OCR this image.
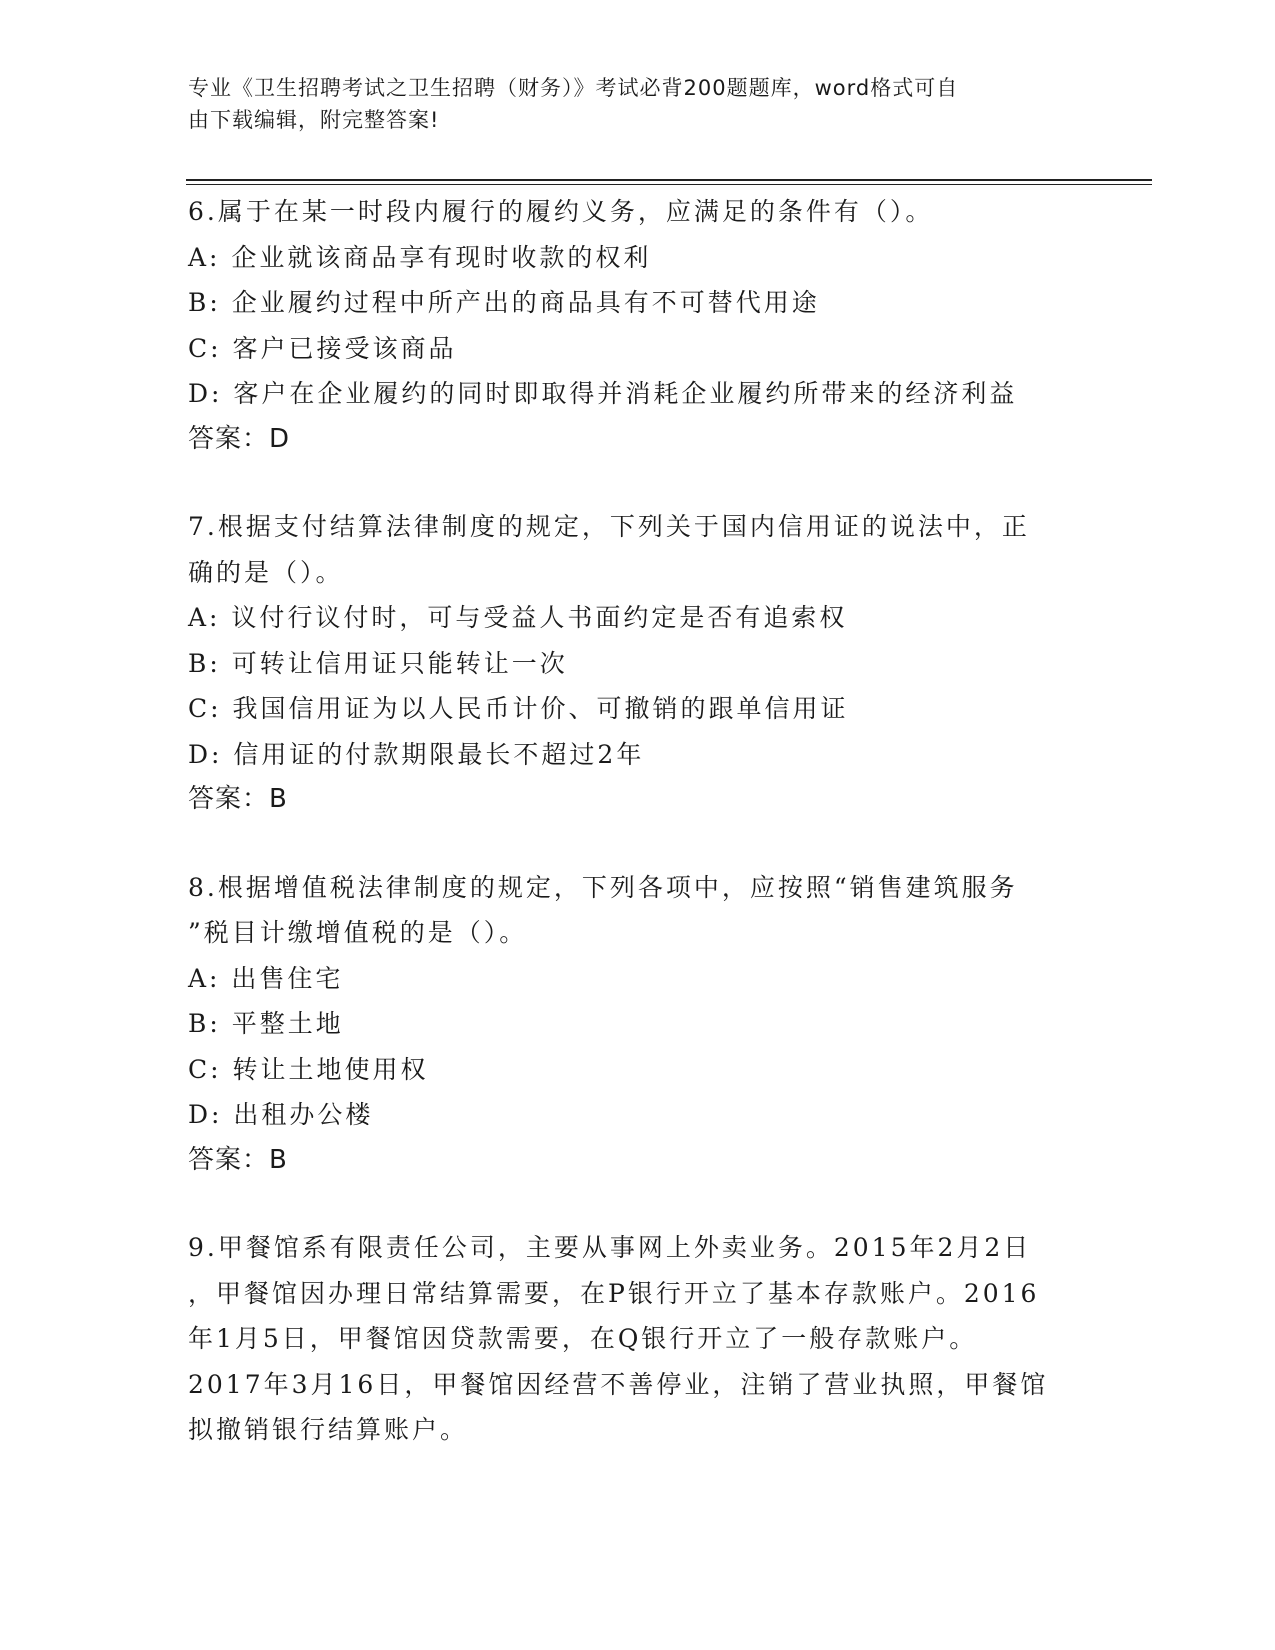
专业《卫生招聘考试之卫生招聘（财务）》考试必背200题题库，word格式可自
由下载编辑，附完整答案!
6.属于在某一时段内履行的履约义务，应满足的条件有（）。
A: 企业就该商品享有现时收款的权利
B: 企业履约过程中所产出的商品具有不可替代用途
C: 客户已接受该商品
D: 客户在企业履约的同时即取得并消耗企业履约所带来的经济利益
答案：D
7.根据支付结算法律制度的规定，下列关于国内信用证的说法中，正
确的是（）。
A: 议付行议付时，可与受益人书面约定是否有追索权
B: 可转让信用证只能转让一次
C: 我国信用证为以人民币计价、可撤销的跟单信用证
D: 信用证的付款期限最长不超过2年
答案：B
8.根据增值税法律制度的规定，下列各项中，应按照“销售建筑服务
”税目计缴增值税的是（）。
A: 出售住宅
B: 平整土地
C: 转让土地使用权
D: 出租办公楼
答案：B
9.甲餐馆系有限责任公司，主要从事网上外卖业务。2015年2月2日
，甲餐馆因办理日常结算需要，在P银行开立了基本存款账户。2016
年1月5日，甲餐馆因贷款需要，在Q银行开立了一般存款账户。
2017年3月16日，甲餐馆因经营不善停业，注销了营业执照，甲餐馆
拟撤销银行结算账户。
